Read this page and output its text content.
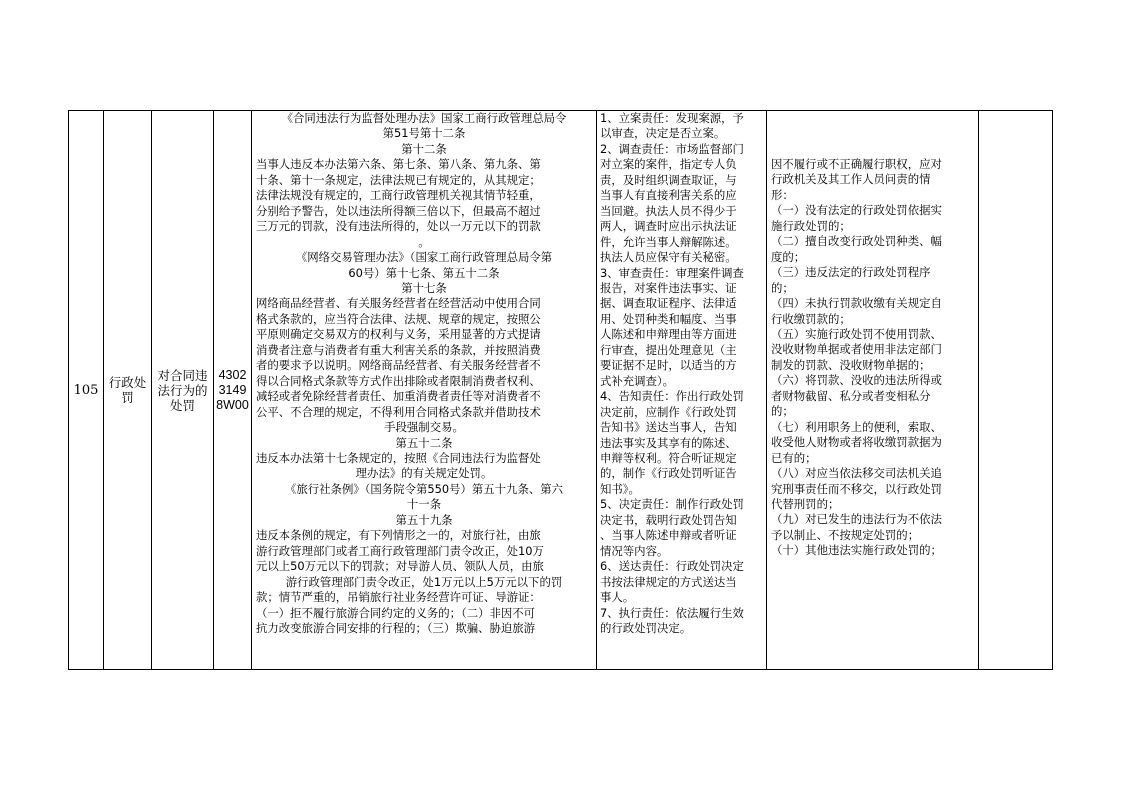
105 行政处罚
对合同违法行为的处罚
43023149 8W00
《合同违法行为监督处理办法》国家工商行政管理总局令
第51号第十二条
第十二条
当事人违反本办法第六条、第七条、第八条、第九条、第
十条、第十一条规定，法律法规已有规定的，从其规定；
法律法规没有规定的，工商行政管理机关视其情节轻重，
分别给予警告，处以违法所得额三倍以下，但最高不超过
三万元的罚款，没有违法所得的，处以一万元以下的罚款
。
《网络交易管理办法》（国家工商行政管理总局令第
60号）第十七条、第五十二条
第十七条
网络商品经营者、有关服务经营者在经营活动中使用合同
格式条款的，应当符合法律、法规、规章的规定，按照公
平原则确定交易双方的权利与义务，采用显著的方式提请
消费者注意与消费者有重大利害关系的条款，并按照消费
者的要求予以说明。网络商品经营者、有关服务经营者不
得以合同格式条款等方式作出排除或者限制消费者权利、
减轻或者免除经营者责任、加重消费者责任等对消费者不
公平、不合理的规定，不得利用合同格式条款并借助技术
手段强制交易。
第五十二条
违反本办法第十七条规定的，按照《合同违法行为监督处
理办法》的有关规定处罚。
《旅行社条例》（国务院令第550号）第五十九条、第六
十一条
第五十九条
违反本条例的规定，有下列情形之一的，对旅行社，由旅
游行政管理部门或者工商行政管理部门责令改正，处10万
元以上50万元以下的罚款；对导游人员、领队人员，由旅
游行政管理部门责令改正，处1万元以上5万元以下的罚
款；情节严重的，吊销旅行社业务经营许可证、导游证：
（一）拒不履行旅游合同约定的义务的；（二）非因不可
抗力改变旅游合同安排的行程的；（三）欺骗、胁迫旅游
1、立案责任：发现案源，予
以审查，决定是否立案。
2、调查责任：市场监督部门
对立案的案件，指定专人负
责，及时组织调查取证，与
当事人有直接利害关系的应
当回避。执法人员不得少于
两人，调查时应出示执法证
件，允许当事人辩解陈述。
执法人员应保守有关秘密。
3、审查责任：审理案件调查
报告，对案件违法事实、证
据、调查取证程序、法律适
用、处罚种类和幅度、当事
人陈述和申辩理由等方面进
行审查，提出处理意见（主
要证据不足时，以适当的方
式补充调查）。
4、告知责任：作出行政处罚
决定前，应制作《行政处罚
告知书》送达当事人，告知
违法事实及其享有的陈述、
申辩等权利。符合听证规定
的，制作《行政处罚听证告
知书》。
5、决定责任：制作行政处罚
决定书，载明行政处罚告知
、当事人陈述申辩或者听证
情况等内容。
6、送达责任：行政处罚决定
书按法律规定的方式送达当
事人。
7、执行责任：依法履行生效
的行政处罚决定。
因不履行或不正确履行职权，应对
行政机关及其工作人员问责的情
形：
（一）没有法定的行政处罚依据实
施行政处罚的；
（二）擅自改变行政处罚种类、幅
度的；
（三）违反法定的行政处罚程序
的；
（四）未执行罚款收缴有关规定自
行收缴罚款的；
（五）实施行政处罚不使用罚款、
没收财物单据或者使用非法定部门
制发的罚款、没收财物单据的；
（六）将罚款、没收的违法所得或
者财物截留、私分或者变相私分
的；
（七）利用职务上的便利，索取、
收受他人财物或者将收缴罚款据为
已有的；
（八）对应当依法移交司法机关追
究刑事责任而不移交，以行政处罚
代替刑罚的；
（九）对已发生的违法行为不依法
予以制止、不按规定处罚的；
（十）其他违法实施行政处罚的；
